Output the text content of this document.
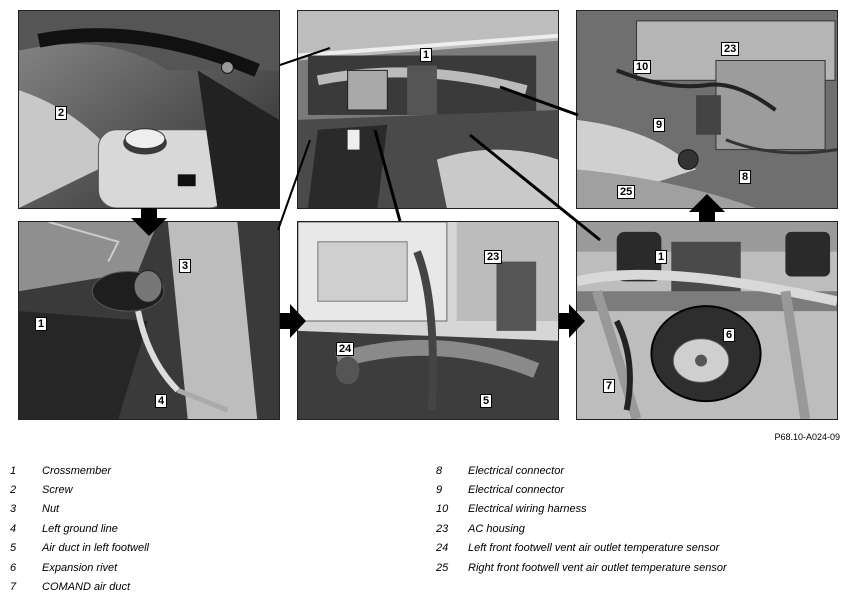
2
1	23
10
9
25
8
3
1
4
23
24
5
1
6
7
P68.10-A024-09
1	Crossmember
2	Screw
3	Nut
4	Left ground line
5	Air duct in left footwell
6	Expansion rivet
7	COMAND air duct
8	Electrical connector
9	Electrical connector
10	Electrical wiring harness
23	AC housing
24	Left front footwell vent air outlet temperature sensor
25	Right front footwell vent air outlet temperature sensor
